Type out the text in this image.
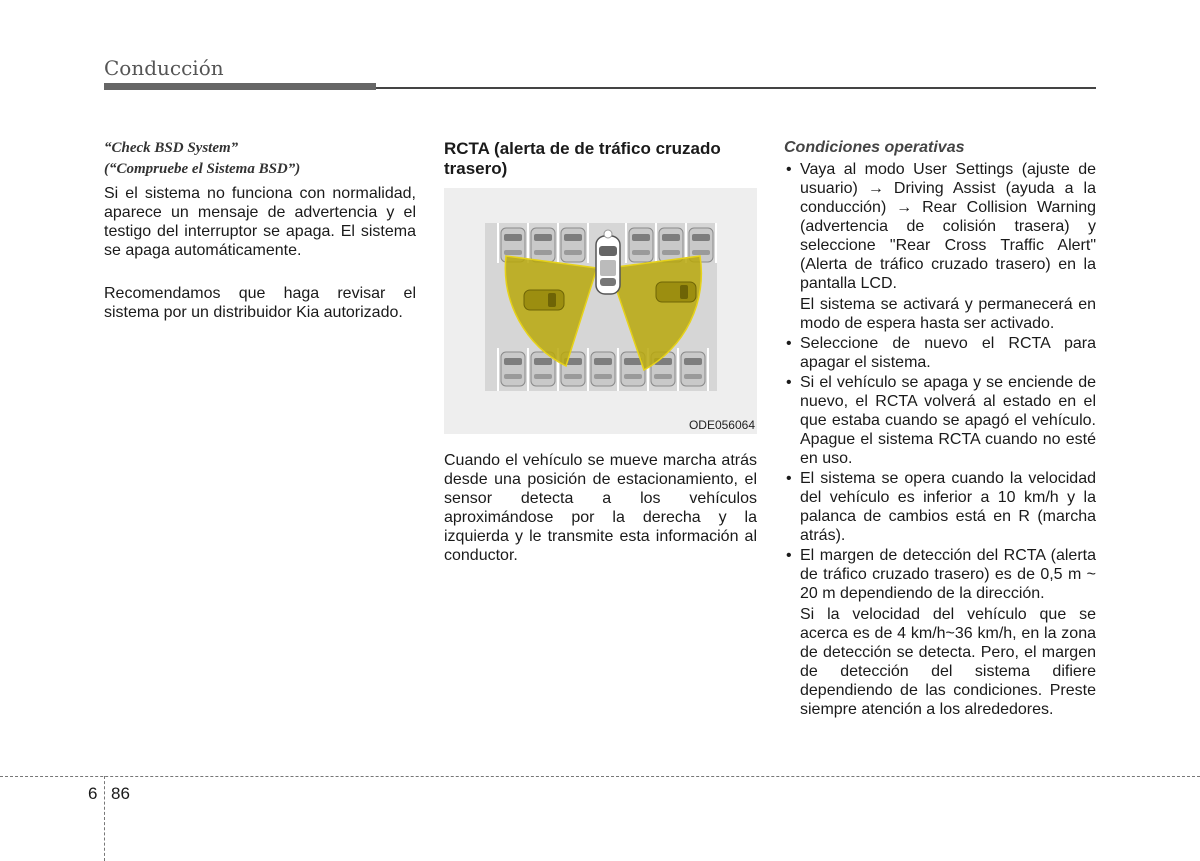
Conducción
“Check BSD System”
(“Compruebe el Sistema BSD”)

Si el sistema no funciona con normalidad, aparece un mensaje de advertencia y el testigo del interruptor se apaga. El sistema se apaga automáticamente.

Recomendamos que haga revisar el sistema por un distribuidor Kia autorizado.

RCTA (alerta de de tráfico cruzado trasero)
ODE056064

Cuando el vehículo se mueve marcha atrás desde una posición de estacionamiento, el sensor detecta a los vehículos aproximándose por la derecha y la izquierda y le transmite esta información al conductor.

Condiciones operativas
• Vaya al modo User Settings (ajuste de usuario) → Driving Assist (ayuda a la conducción) → Rear Collision Warning (advertencia de colisión trasera) y seleccione "Rear Cross Traffic Alert" (Alerta de tráfico cruzado trasero) en la pantalla LCD.
El sistema se activará y permanecerá en modo de espera hasta ser activado.
• Seleccione de nuevo el RCTA para apagar el sistema.
• Si el vehículo se apaga y se enciende de nuevo, el RCTA volverá al estado en el que estaba cuando se apagó el vehículo. Apague el sistema RCTA cuando no esté en uso.
• El sistema se opera cuando la velocidad del vehículo es inferior a 10 km/h y la palanca de cambios está en R (marcha atrás).
• El margen de detección del RCTA (alerta de tráfico cruzado trasero) es de 0,5 m ~ 20 m dependiendo de la dirección.
Si la velocidad del vehículo que se acerca es de 4 km/h~36 km/h, en la zona de detección se detecta. Pero, el margen de detección del sistema difiere dependiendo de las condiciones. Preste siempre atención a los alrededores.
6 86
